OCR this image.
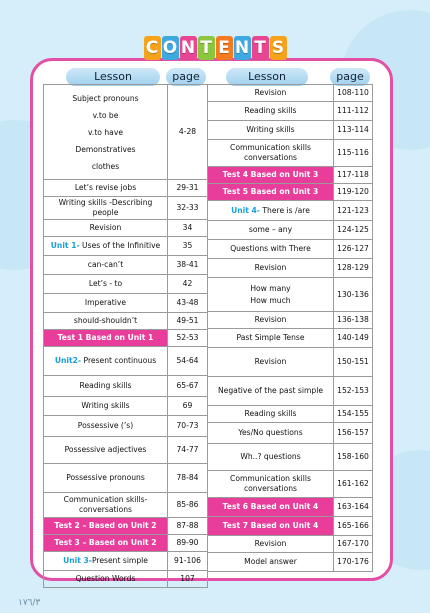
C O N T E N T S
Lesson	page	Lesson	page
Subject pronouns
v.to be
v.to have
Demonstratives
clothes	4-28
Let’s revise jobs	29-31
Writing skills -Describing people	32-33
Revision	34
Unit 1- Uses of the Infinitive	35
can-can’t	38-41
Let’s - to	42
Imperative	43-48
should-shouldn’t	49-51
Test 1 Based on Unit 1	52-53
Unit2- Present continuous	54-64
Reading skills	65-67
Writing skills	69
Possessive (’s)	70-73
Possessive adjectives	74-77
Possessive pronouns	78-84
Communication skills- conversations	85-86
Test 2 – Based on Unit 2	87-88
Test 3 – Based on Unit 2	89-90
Unit 3-Present simple	91-106
Question Words	107
Revision	108-110
Reading skills	111-112
Writing skills	113-114
Communication skills conversations	115-116
Test 4 Based on Unit 3	117-118
Test 5 Based on Unit 3	119-120
Unit 4- There is /are	121-123
some – any	124-125
Questions with There	126-127
Revision	128-129

How many
How much	130-136
Revision	136-138
Past Simple Tense	140-149
Revision	150-151
Negative of the past simple	152-153
Reading skills	154-155
Yes/No questions	156-157
Wh..? questions	158-160
Communication skills conversations	161-162
Test 6 Based on Unit 4	163-164
Test 7 Based on Unit 4	165-166
Revision	167-170
Model answer	170-176
١٧٦/٣
